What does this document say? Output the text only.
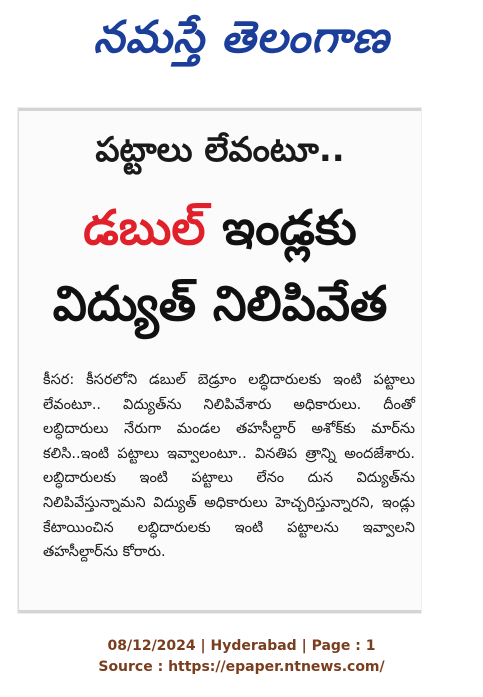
నమస్తే తెలంగాణ
పట్టాలు లేవంటూ..
డబుల్ ఇండ్లకు
విద్యుత్‌ నిలిపివేత
కీసర: కీసరలోని డబుల్ బెడ్రూం లబ్ధిదారులకు ఇంటి పట్టాలు లేవంటూ.. విద్యుత్‌ను నిలిపివేశారు అధికారులు. దీంతో లబ్ధిదారులు నేరుగా మండల తహసీల్దార్ అశోక్‌కు మార్‌ను కలిసి..ఇంటి పట్టాలు ఇవ్వాలంటూ.. వినతిప త్రాన్ని అందజేశారు. లబ్ధిదారులకు ఇంటి పట్టాలు లేనం దున విద్యుత్‌ను నిలిపివేస్తున్నామని విద్యుత్ అధికారులు హెచ్చరిస్తున్నారని, ఇండ్లు కేటాయించిన లబ్ధిదారులకు ఇంటి పట్టాలను ఇవ్వాలని తహసీల్దార్‌ను కోరారు.
08/12/2024 | Hyderabad | Page : 1
Source : https://epaper.ntnews.com/
